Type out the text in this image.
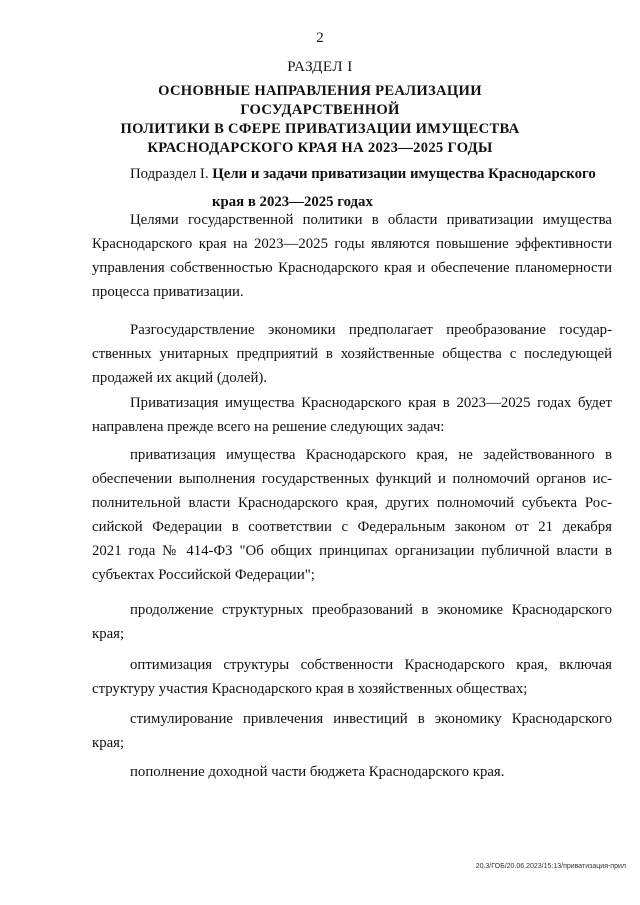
2
РАЗДЕЛ I
ОСНОВНЫЕ НАПРАВЛЕНИЯ РЕАЛИЗАЦИИ ГОСУДАРСТВЕННОЙ
ПОЛИТИКИ В СФЕРЕ ПРИВАТИЗАЦИИ ИМУЩЕСТВА
КРАСНОДАРСКОГО КРАЯ НА 2023—2025 ГОДЫ
Подраздел I. Цели и задачи приватизации имущества Краснодарского
края в 2023—2025 годах
Целями государственной политики в области приватизации имущества
Краснодарского края на 2023—2025 годы являются повышение эффективности
управления собственностью Краснодарского края и обеспечение планомерности
процесса приватизации.
Разгосударствление экономики предполагает преобразование государ-
ственных унитарных предприятий в хозяйственные общества с последующей
продажей их акций (долей).
Приватизация имущества Краснодарского края в 2023—2025 годах будет
направлена прежде всего на решение следующих задач:
приватизация имущества Краснодарского края, не задействованного в
обеспечении выполнения государственных функций и полномочий органов ис-
полнительной власти Краснодарского края, других полномочий субъекта Рос-
сийской Федерации в соответствии с Федеральным законом от 21 декабря
2021 года № 414-ФЗ "Об общих принципах организации публичной власти в
субъектах Российской Федерации";
продолжение структурных преобразований в экономике Краснодарского
края;
оптимизация структуры собственности Краснодарского края, включая
структуру участия Краснодарского края в хозяйственных обществах;
стимулирование привлечения инвестиций в экономику Краснодарского
края;
пополнение доходной части бюджета Краснодарского края.
20.3/ГОБ/20.06.2023/15:13/приватизация-прил
